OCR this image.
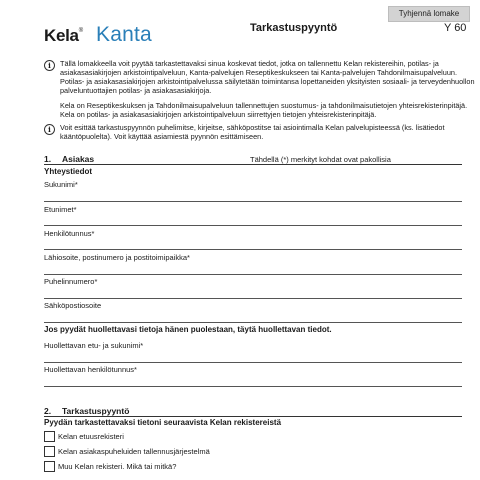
Tyhjennä lomake
Kela® Kanta	Tarkastuspyyntö	Y 60
i	Tällä lomakkeella voit pyytää tarkastettavaksi sinua koskevat tiedot, jotka on tallennettu Kelan rekistereihin, potilas- ja asiakasasiakirjojen arkistointipalveluun, Kanta-palvelujen Reseptikeskukseen tai Kanta-palvelujen Tahdonilmaisupalveluun. Potilas- ja asiakasasiakirjojen arkistointipalvelussa säilytetään toimintansa lopettaneiden yksityisten sosiaali- ja terveydenhuollon palveluntuottajien potilas- ja asiakasasiakirjoja.
Kela on Reseptikeskuksen ja Tahdonilmaisupalveluun tallennettujen suostumus- ja tahdonilmaisutietojen yhteisrekisterinpitäjä. Kela on potilas- ja asiakasasiakirjojen arkistointipalveluun siirrettyjen tietojen yhteisrekisterinpitäjä.
i	Voit esittää tarkastuspyynnön puhelimitse, kirjeitse, sähköpostitse tai asiointimalla Kelan palvelupisteessä (ks. lisätiedot kääntöpuolelta). Voit käyttää asiamiestä pyynnön esittämiseen.
1. Asiakas	Tähdellä (*) merkityt kohdat ovat pakollisia
Yhteystiedot
Sukunimi*
Etunimet*
Henkilötunnus*
Lähiosoite, postinumero ja postitoimipaikka*
Puhelinnumero*
Sähköpostiosoite
Jos pyydät huollettavasi tietoja hänen puolestaan, täytä huollettavan tiedot.
Huollettavan etu- ja sukunimi*
Huollettavan henkilötunnus*
2. Tarkastuspyyntö
Pyydän tarkastettavaksi tietoni seuraavista Kelan rekistereistä
Kelan etuusrekisteri
Kelan asiakaspuheluiden tallennusjärjestelmä
Muu Kelan rekisteri. Mikä tai mitkä?
